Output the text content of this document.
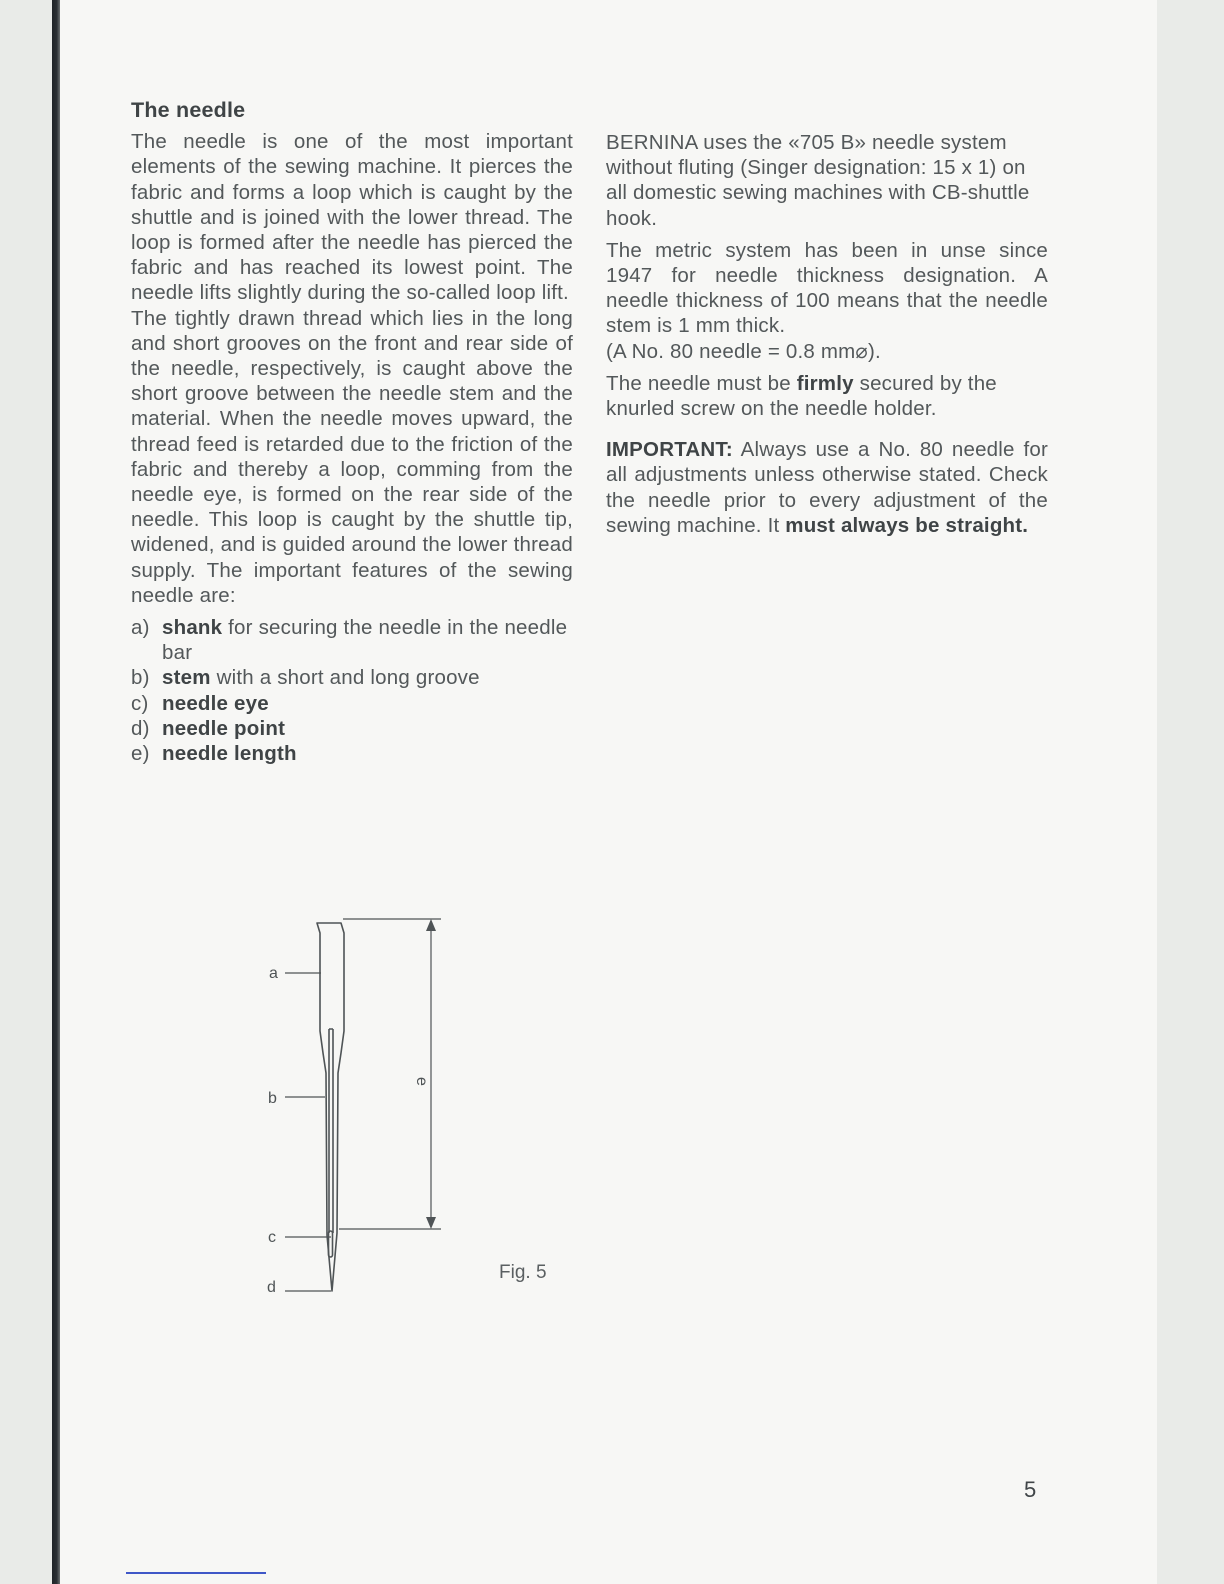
The needle

The needle is one of the most important elements of the sewing machine. It pierces the fabric and forms a loop which is caught by the shuttle and is joined with the lower thread. The loop is formed after the needle has pierced the fabric and has reached its lowest point. The needle lifts slightly during the so-called loop lift.

The tightly drawn thread which lies in the long and short grooves on the front and rear side of the needle, respectively, is caught above the short groove between the needle stem and the material. When the needle moves upward, the thread feed is retarded due to the friction of the fabric and thereby a loop, comming from the needle eye, is formed on the rear side of the needle. This loop is caught by the shuttle tip, widened, and is guided around the lower thread supply. The important features of the sewing needle are:

a) shank for securing the needle in the needle bar
b) stem with a short and long groove
c) needle eye
d) needle point
e) needle length

BERNINA uses the «705 B» needle system without fluting (Singer designation: 15 x 1) on all domestic sewing machines with CB-shuttle hook.

The metric system has been in unse since 1947 for needle thickness designation. A needle thickness of 100 means that the needle stem is 1 mm thick.

(A No. 80 needle = 0.8 mm⌀).

The needle must be firmly secured by the knurled screw on the needle holder.

IMPORTANT: Always use a No. 80 needle for all adjustments unless otherwise stated. Check the needle prior to every adjustment of the sewing machine. It must always be straight.

a
b
c
d
e
Fig. 5
5
